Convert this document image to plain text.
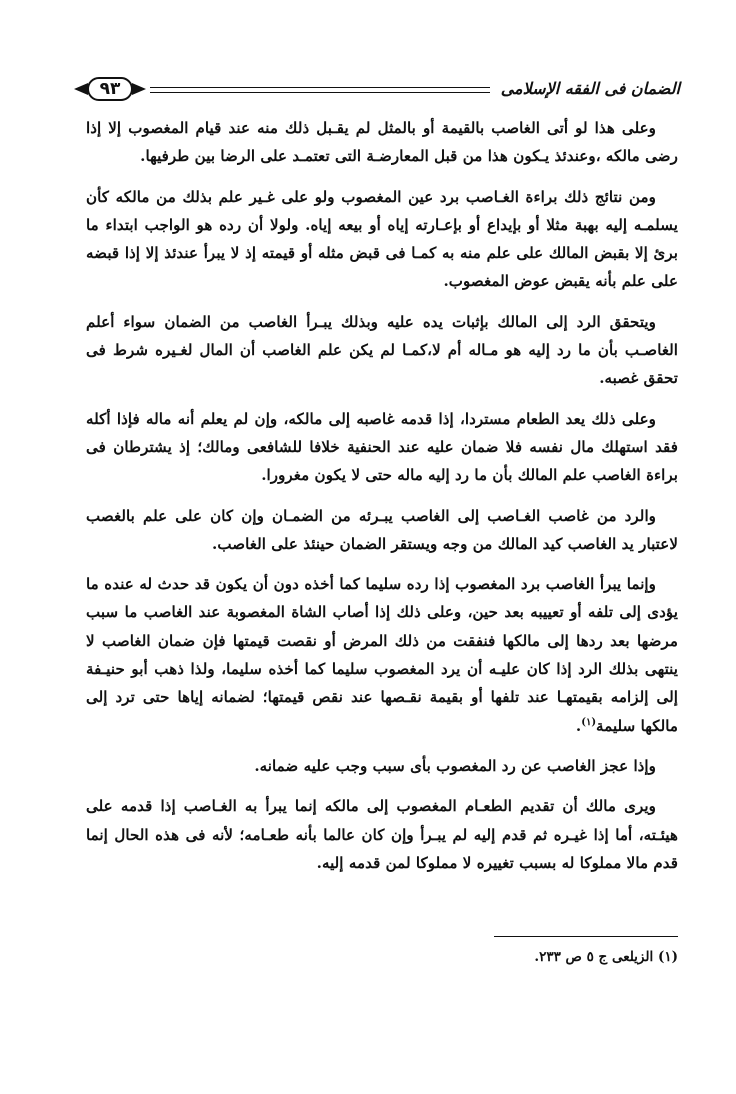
الضمان فى الفقه الإسلامى
٩٣

وعلى هذا لو أتى الغاصب بالقيمة أو بالمثل لم يقـبل ذلك منه عند قيام المغصوب إلا إذا رضى مالكه ،وعندئذ يـكون هذا من قبل المعارضـة التى تعتمـد على الرضا بين طرفيها.

ومن نتائج ذلك براءة الغـاصب برد عين المغصوب ولو على غـير علم بذلك من مالكه كأن يسلمـه إليه بهبة مثلا أو بإيداع أو بإعـارته إياه أو بيعه إياه. ولولا أن رده هو الواجب ابتداء ما برئ إلا بقبض المالك على علم منه به كمـا فى قبض مثله أو قيمته إذ لا يبرأ عندئذ إلا إذا قبضه على علم بأنه يقبض عوض المغصوب.

ويتحقق الرد إلى المالك بإثبات يده عليه وبذلك يبـرأ الغاصب من الضمان سواء أعلم الغاصـب بأن ما رد إليه هو مـاله أم لا،كمـا لم يكن علم الغاصب أن المال لغـيره شرط فى تحقق غصبه.

وعلى ذلك يعد الطعام مستردا، إذا قدمه غاصبه إلى مالكه، وإن لم يعلم أنه ماله فإذا أكله فقد استهلك مال نفسه فلا ضمان عليه عند الحنفية خلافا للشافعى ومالك؛ إذ يشترطان فى براءة الغاصب علم المالك بأن ما رد إليه ماله حتى لا يكون مغرورا.

والرد من غاصب الغـاصب إلى الغاصب يبـرئه من الضمـان وإن كان على علم بالغصب لاعتبار يد الغاصب كيد المالك من وجه ويستقر الضمان حينئذ على الغاصب.

وإنما يبرأ الغاصب برد المغصوب إذا رده سليما كما أخذه دون أن يكون قد حدث له عنده ما يؤدى إلى تلفه أو تعييبه بعد حين، وعلى ذلك إذا أصاب الشاة المغصوبة عند الغاصب ما سبب مرضها بعد ردها إلى مالكها فنفقت من ذلك المرض أو نقصت قيمتها فإن ضمان الغاصب لا ينتهى بذلك الرد إذا كان عليـه أن يرد المغصوب سليما كما أخذه سليما، ولذا ذهب أبو حنيـفة إلى إلزامه بقيمتهـا عند تلفها أو بقيمة نقـصها عند نقص قيمتها؛ لضمانه إياها حتى ترد إلى مالكها سليمة$^{(١)}$.

وإذا عجز الغاصب عن رد المغصوب بأى سبب وجب عليه ضمانه.

ويرى مالك أن تقديم الطعـام المغصوب إلى مالكه إنما يبرأ به الغـاصب إذا قدمه على هيئـته، أما إذا غيـره ثم قدم إليه لم يبـرأ وإن كان عالما بأنه طعـامه؛ لأنه فى هذه الحال إنما قدم مالا مملوكا له بسبب تغييره لا مملوكا لمن قدمه إليه.

(١) الزيلعى ج ٥ ص ٢٣٣.
